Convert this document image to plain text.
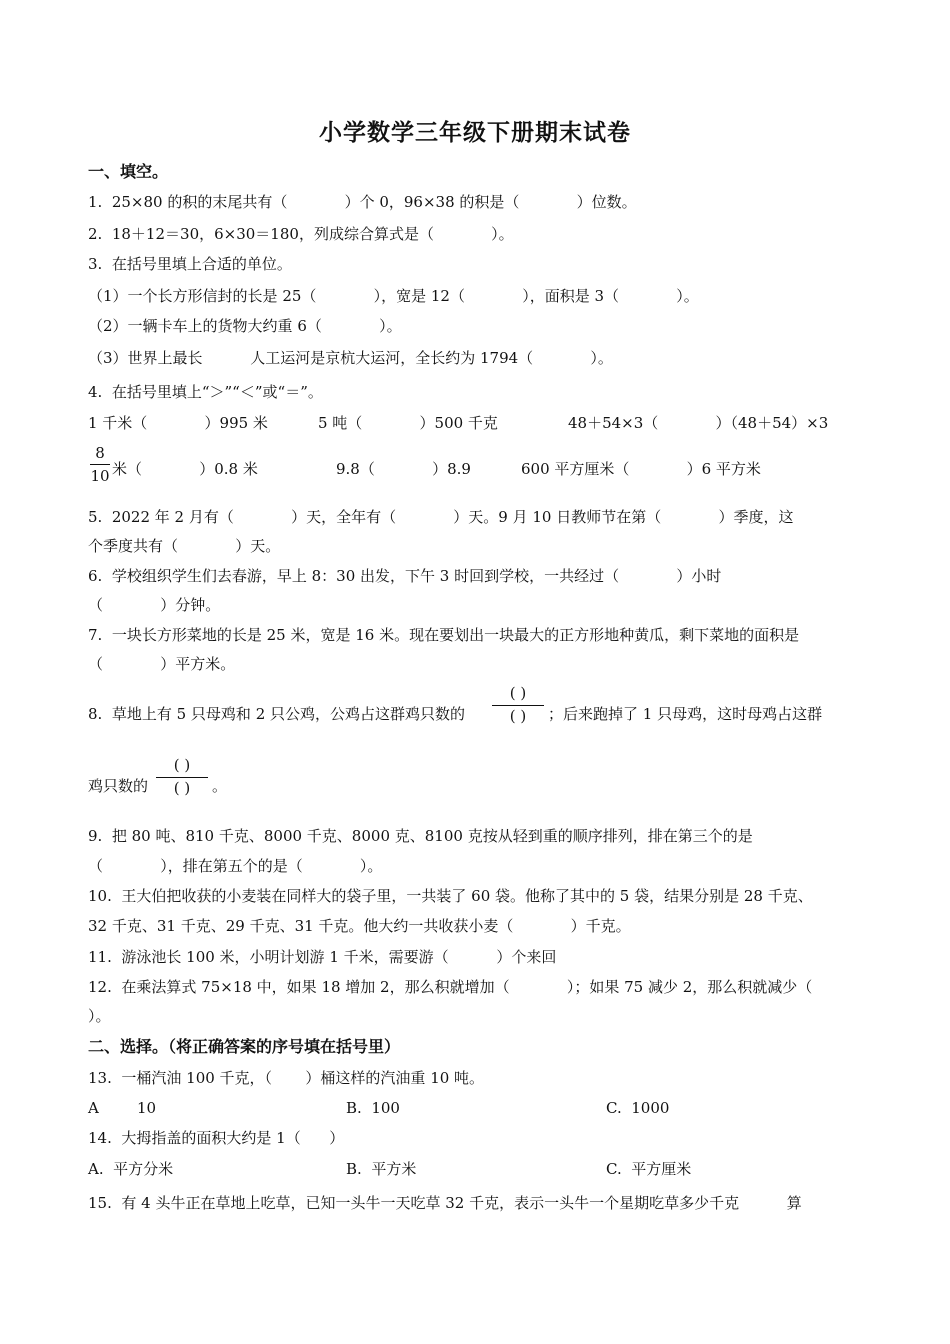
小学数学三年级下册期末试卷
一、填空。
1.  25×80 的积的末尾共有（            ）个 0，96×38 的积是（            ）位数。
2.  18＋12＝30，6×30＝180，列成综合算式是（            ）。
3.  在括号里填上合适的单位。
（1）一个长方形信封的长是 25（            ），宽是 12（            ），面积是 3（            ）。
（2）一辆卡车上的货物大约重 6（            ）。
（3）世界上最长          人工运河是京杭大运河，全长约为 1794（            ）。
4.  在括号里填上“＞”“＜”或“＝”。
1 千米（            ）995 米	5 吨（            ）500 千克	48＋54×3（            ）（48＋54）×3
8
10 米（            ）0.8 米	9.8（            ）8.9	600 平方厘米（            ）6 平方米
5.  2022 年 2 月有（            ）天，全年有（            ）天。9 月 10 日教师节在第（            ）季度，这
个季度共有（            ）天。
6.  学校组织学生们去春游，早上 8：30 出发，下午 3 时回到学校，一共经过（            ）小时
（            ）分钟。
7.  一块长方形菜地的长是 25 米，宽是 16 米。现在要划出一块最大的正方形地种黄瓜，剩下菜地的面积是
（            ）平方米。
8.  草地上有 5 只母鸡和 2 只公鸡，公鸡占这群鸡只数的
( )
( )	；后来跑掉了 1 只母鸡，这时母鸡占这群
鸡只数的
( )
( )	。
9.  把 80 吨、810 千克、8000 千克、8000 克、8100 克按从轻到重的顺序排列，排在第三个的是
（            ），排在第五个的是（            ）。
10.  王大伯把收获的小麦装在同样大的袋子里，一共装了 60 袋。他称了其中的 5 袋，结果分别是 28 千克、
32 千克、31 千克、29 千克、31 千克。他大约一共收获小麦（            ）千克。
11.  游泳池长 100 米，小明计划游 1 千米，需要游（          ）个来回
12.  在乘法算式 75×18 中，如果 18 增加 2，那么积就增加（            ）；如果 75 减少 2，那么积就减少（
）。
二、选择。（将正确答案的序号填在括号里）
13.  一桶汽油 100 千克，（       ）桶这样的汽油重 10 吨。
A        10	B.  100	C.  1000
14.  大拇指盖的面积大约是 1（      ）
A.  平方分米	B.  平方米	C.  平方厘米
15.  有 4 头牛正在草地上吃草，已知一头牛一天吃草 32 千克，表示一头牛一个星期吃草多少千克          算
